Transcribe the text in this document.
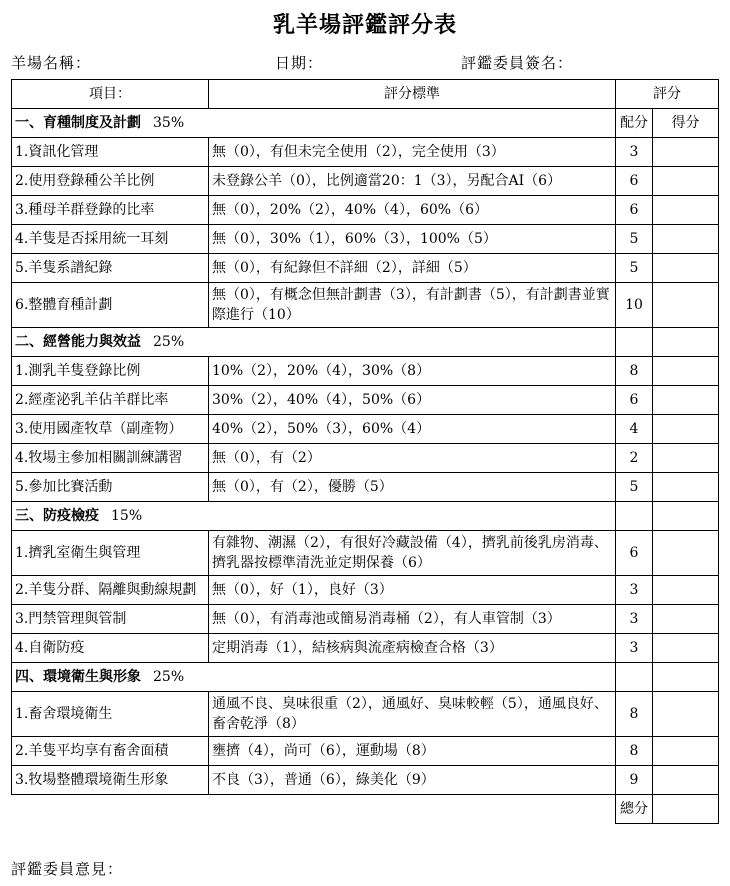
乳羊場評鑑評分表
羊場名稱：	日期：	評鑑委員簽名：
項目：	評分標準	評分	
一、育種制度及計劃 35%		配分	得分
1.資訊化管理	無（0），有但未完全使用（2），完全使用（3）	3	
2.使用登錄種公羊比例	未登錄公羊（0），比例適當20：1（3），另配合AI（6）	6	
3.種母羊群登錄的比率	無（0），20%（2），40%（4），60%（6）	6	
4.羊隻是否採用統一耳刻	無（0），30%（1），60%（3），100%（5）	5	
5.羊隻系譜紀錄	無（0），有紀錄但不詳細（2），詳細（5）	5	
6.整體育種計劃	無（0），有概念但無計劃書（3），有計劃書（5），有計劃書並實際進行（10）	10	
二、經營能力與效益 25%			
1.測乳羊隻登錄比例	10%（2），20%（4），30%（8）	8	
2.經產泌乳羊佔羊群比率	30%（2），40%（4），50%（6）	6	
3.使用國產牧草（副產物）	40%（2），50%（3），60%（4）	4	
4.牧場主參加相關訓練講習	無（0），有（2）	2	
5.參加比賽活動	無（0），有（2），優勝（5）	5	
三、防疫檢疫 15%			
1.擠乳室衛生與管理	有雜物、潮濕（2），有很好冷藏設備（4），擠乳前後乳房消毒、擠乳器按標準清洗並定期保養（6）	6	
2.羊隻分群、隔離與動線規劃	無（0），好（1），良好（3）	3	
3.門禁管理與管制	無（0），有消毒池或簡易消毒桶（2），有人車管制（3）	3	
4.自衛防疫	定期消毒（1），結核病與流產病檢查合格（3）	3	
四、環境衛生與形象 25%			
1.畜舍環境衛生	通風不良、臭味很重（2），通風好、臭味較輕（5），通風良好、畜舍乾淨（8）	8	
2.羊隻平均享有畜舍面積	壅擠（4），尚可（6），運動場（8）	8	
3.牧場整體環境衛生形象	不良（3），普通（6），綠美化（9）	9	
		總分	
評鑑委員意見：
